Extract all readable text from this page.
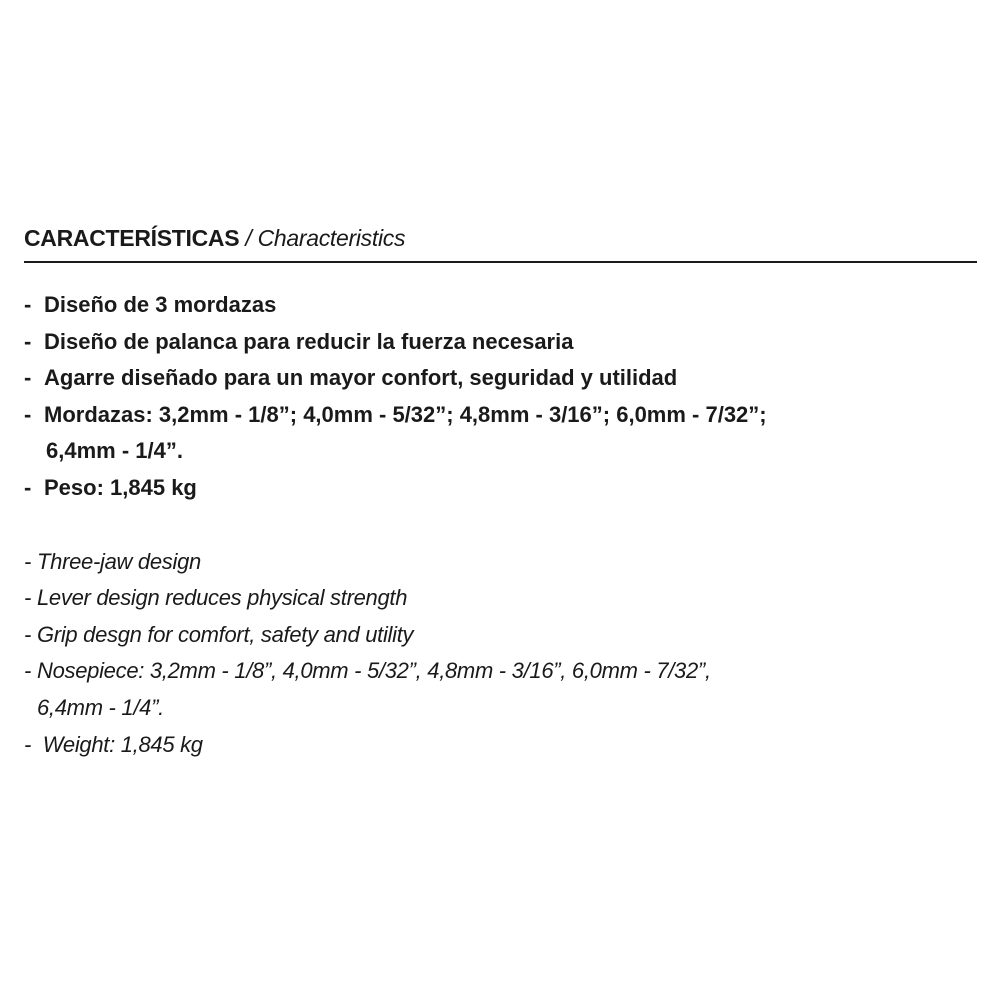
CARACTERÍSTICAS / Characteristics
- Diseño de 3 mordazas
- Diseño de palanca para reducir la fuerza necesaria
- Agarre diseñado para un mayor confort, seguridad y utilidad
- Mordazas: 3,2mm - 1/8”; 4,0mm - 5/32”; 4,8mm - 3/16”; 6,0mm - 7/32”;
6,4mm - 1/4”.
- Peso: 1,845 kg
- Three-jaw design
- Lever design reduces physical strength
- Grip desgn for comfort, safety and utility
- Nosepiece: 3,2mm - 1/8”, 4,0mm - 5/32”, 4,8mm - 3/16”, 6,0mm - 7/32”,
6,4mm - 1/4”.
- Weight: 1,845 kg
